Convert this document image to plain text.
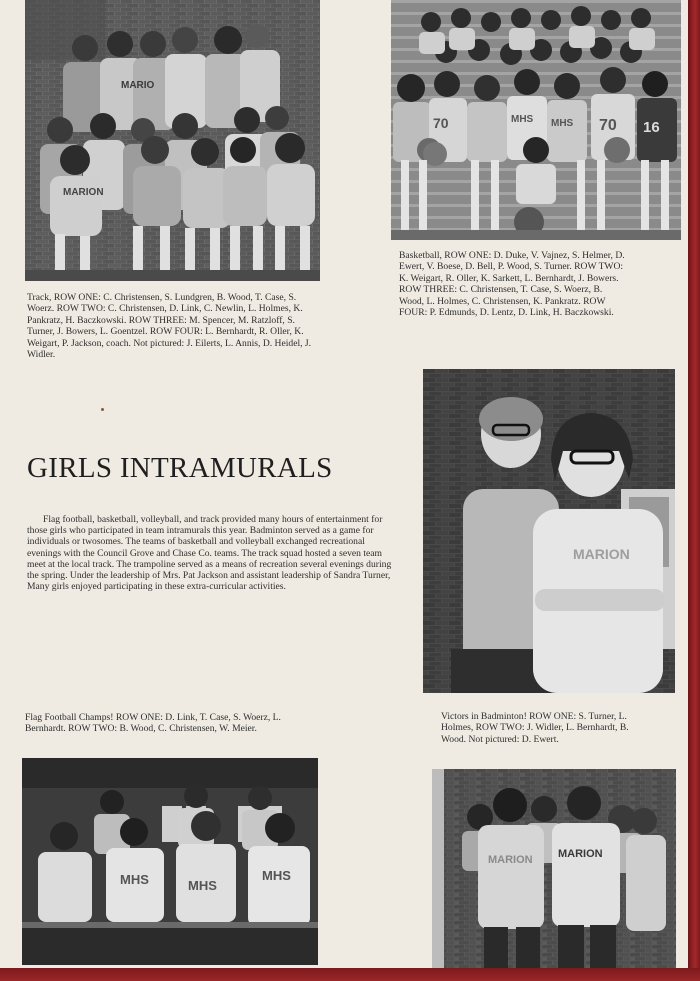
MARIO
MARION

Track, ROW ONE: C. Christensen, S. Lundgren, B. Wood, T. Case, S. Woerz. ROW TWO: C. Christensen, D. Link, C. Newlin, L. Holmes, K. Pankratz, H. Baczkowski. ROW THREE: M. Spencer, M. Ratzloff, S. Turner, J. Bowers, L. Goentzel. ROW FOUR: L. Bernhardt, R. Oller, K. Weigart, P. Jackson, coach. Not pictured: J. Eilerts, L. Annis, D. Heidel, J. Widler.

70	MHS MHS 70 16

Basketball, ROW ONE: D. Duke, V. Vajnez, S. Helmer, D. Ewert, V. Boese, D. Bell, P. Wood, S. Turner. ROW TWO: K. Weigart, R. Oller, K. Sarkett, L. Bernhardt, J. Bowers. ROW THREE: C. Christensen, T. Case, S. Woerz, B. Wood, L. Holmes, C. Christensen, K. Pankratz. ROW FOUR: P. Edmunds, D. Lentz, D. Link, H. Baczkowski.

GIRLS INTRAMURALS

Flag football, basketball, volleyball, and track provided many hours of entertainment for those girls who participated in team intramurals this year. Badminton served as a game for individuals or twosomes. The teams of basketball and volleyball exchanged recreational evenings with the Council Grove and Chase Co. teams. The track squad hosted a seven team meet at the local track. The trampoline served as a means of recreation several evenings during the spring. Under the leadership of Mrs. Pat Jackson and assistant leadership of Sandra Turner, Many girls enjoyed participating in these extra-curricular activities.

MARION

Flag Football Champs! ROW ONE: D. Link, T. Case, S. Woerz, L. Bernhardt. ROW TWO: B. Wood, C. Christensen, W. Meier.

MHS	MHS
MHS

Victors in Badminton! ROW ONE: S. Turner, L. Holmes, ROW TWO: J. Widler, L. Bernhardt, B. Wood. Not pictured: D. Ewert.

MARION MARION
